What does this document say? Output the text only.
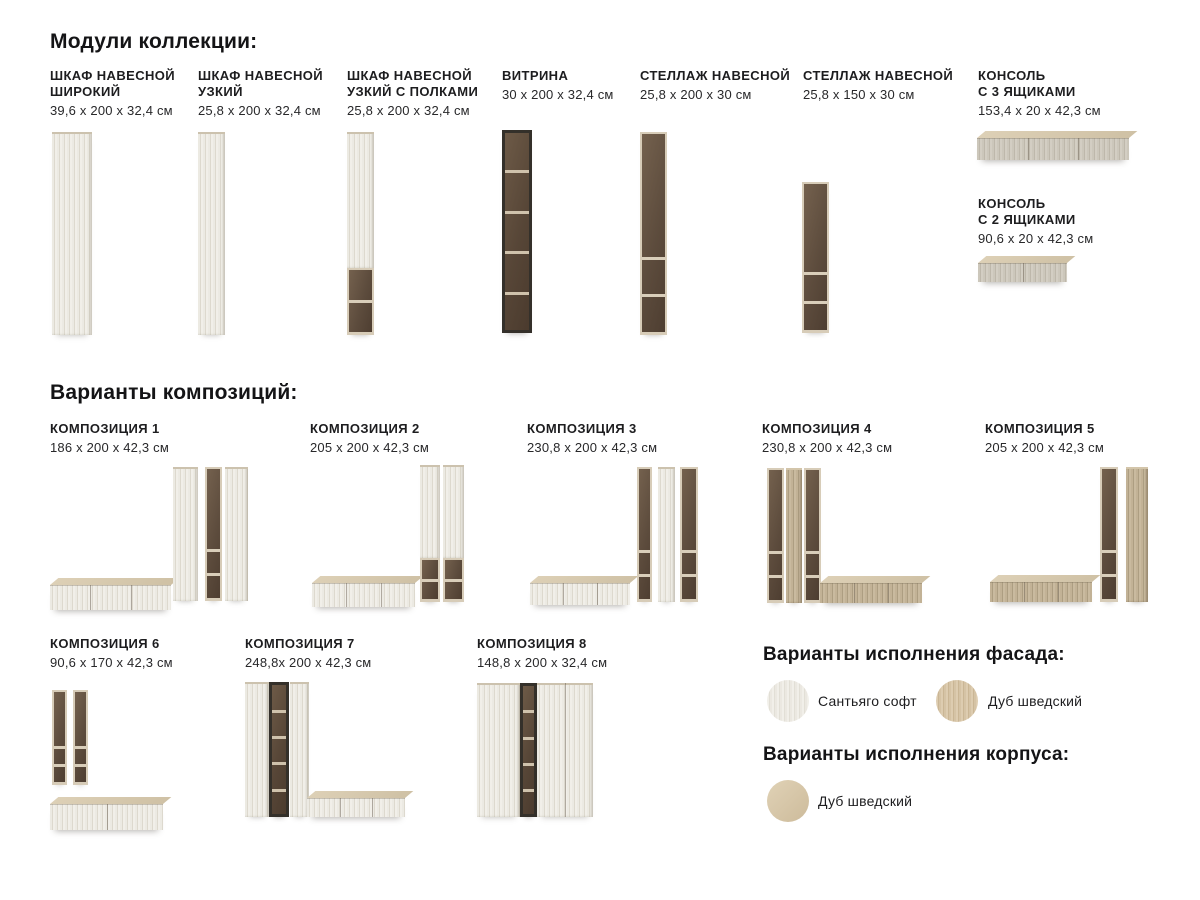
Модули коллекции:
ШКАФ НАВЕСНОЙ
ШИРОКИЙ
39,6 x 200 x 32,4 см
ШКАФ НАВЕСНОЙ
УЗКИЙ
25,8 x 200 x 32,4 см
ШКАФ НАВЕСНОЙ
УЗКИЙ С ПОЛКАМИ
25,8 x 200 x 32,4 см
ВИТРИНА
30 x 200 x 32,4 см
СТЕЛЛАЖ НАВЕСНОЙ
25,8 x 200 x 30 см
СТЕЛЛАЖ НАВЕСНОЙ
25,8 x 150 x 30 см
КОНСОЛЬ
С 3 ЯЩИКАМИ
153,4 x 20 x 42,3 см
КОНСОЛЬ
С 2 ЯЩИКАМИ
90,6 x 20 x 42,3 см
Варианты композиций:
КОМПОЗИЦИЯ 1
186 x 200 x 42,3 см
КОМПОЗИЦИЯ 2
205 x 200 x 42,3 см
КОМПОЗИЦИЯ 3
230,8 x 200 x 42,3 см
КОМПОЗИЦИЯ 4
230,8 x 200 x 42,3 см
КОМПОЗИЦИЯ 5
205 x 200 x 42,3 см
КОМПОЗИЦИЯ 6
90,6 x 170 x 42,3 см
КОМПОЗИЦИЯ 7
248,8x 200 x 42,3 см
КОМПОЗИЦИЯ 8
148,8 x 200 x 32,4 см	Варианты исполнения фасада:
Сантьяго софт	Дуб шведский
Варианты исполнения корпуса:
Дуб шведский
